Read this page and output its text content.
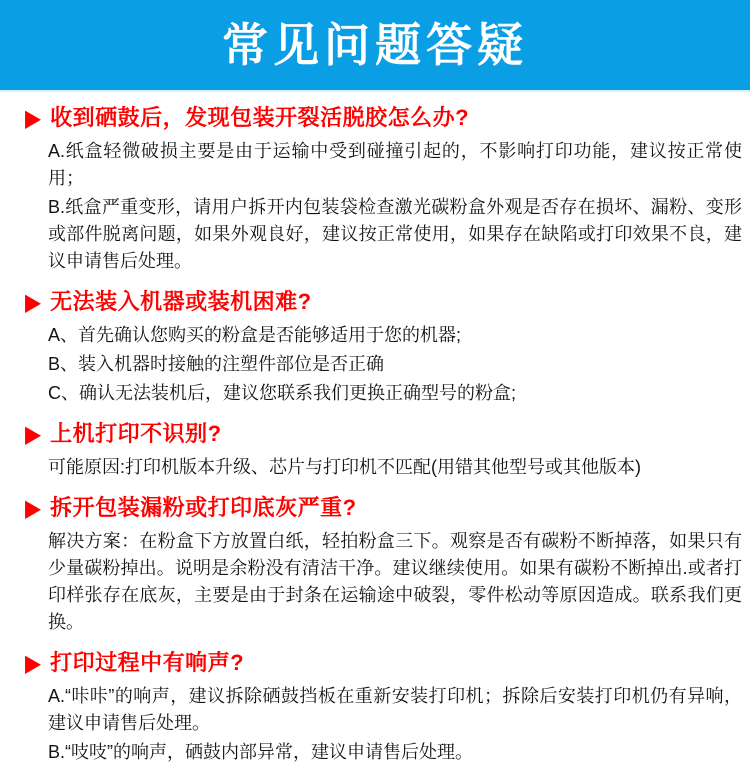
常见问题答疑
▶ 收到硒鼓后，发现包装开裂活脱胶怎么办?

A.纸盒轻微破损主要是由于运输中受到碰撞引起的，不影响打印功能，建议按正常使用；

B.纸盒严重变形，请用户拆开内包装袋检查激光碳粉盒外观是否存在损坏、漏粉、变形或部件脱离问题，如果外观良好，建议按正常使用，如果存在缺陷或打印效果不良，建议申请售后处理。

▶ 无法装入机器或装机困难?

A、首先确认您购买的粉盒是否能够适用于您的机器;

B、装入机器时接触的注塑件部位是否正确

C、确认无法装机后，建议您联系我们更换正确型号的粉盒;

▶ 上机打印不识别?

可能原因:打印机版本升级、芯片与打印机不匹配(用错其他型号或其他版本)

▶ 拆开包装漏粉或打印底灰严重?

解决方案：在粉盒下方放置白纸，轻拍粉盒三下。观察是否有碳粉不断掉落，如果只有少量碳粉掉出。说明是余粉没有清洁干净。建议继续使用。如果有碳粉不断掉出.或者打印样张存在底灰，主要是由于封条在运输途中破裂，零件松动等原因造成。联系我们更换。

▶ 打印过程中有响声?

A.“咔咔”的响声，建议拆除硒鼓挡板在重新安装打印机；拆除后安装打印机仍有异响，建议申请售后处理。

B.“吱吱”的响声，硒鼓内部异常，建议申请售后处理。
